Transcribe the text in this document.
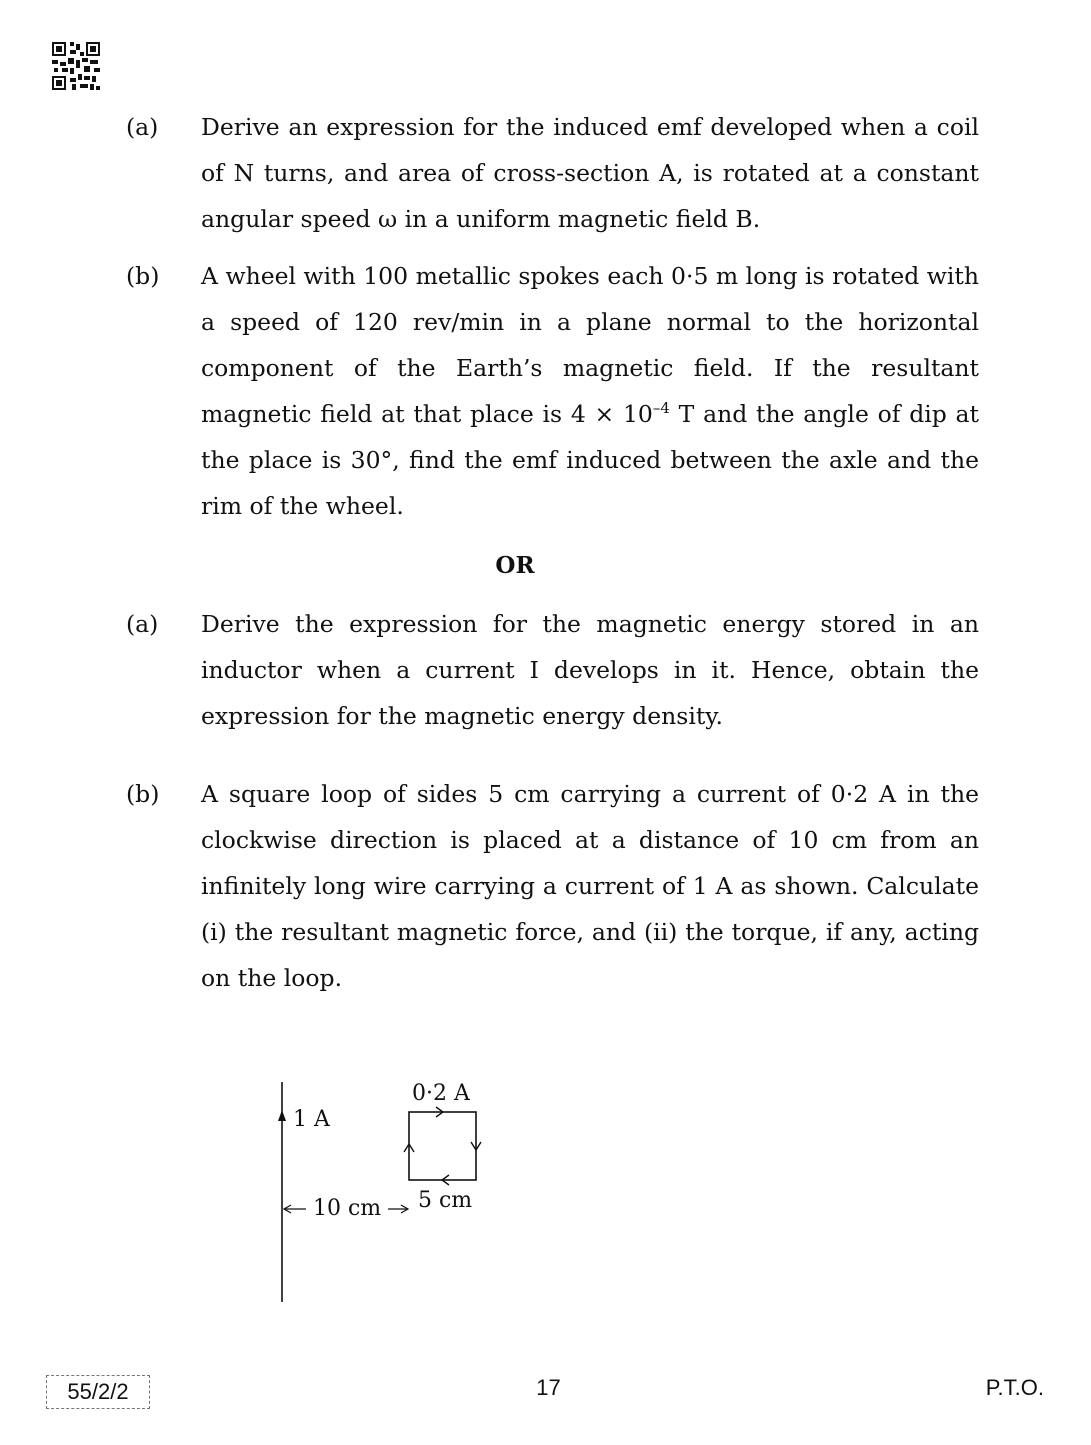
(a) Derive an expression for the induced emf developed when a coil of N turns, and area of cross-section A, is rotated at a constant angular speed ω in a uniform magnetic field B.
(b) A wheel with 100 metallic spokes each 0·5 m long is rotated with a speed of 120 rev/min in a plane normal to the horizontal component of the Earth’s magnetic field. If the resultant magnetic field at that place is $4 \times 10^{-4}$ T and the angle of dip at the place is 30°, find the emf induced between the axle and the rim of the wheel.
OR
(a) Derive the expression for the magnetic energy stored in an inductor when a current I develops in it. Hence, obtain the expression for the magnetic energy density.
(b) A square loop of sides 5 cm carrying a current of 0·2 A in the clockwise direction is placed at a distance of 10 cm from an infinitely long wire carrying a current of 1 A as shown. Calculate (i) the resultant magnetic force, and (ii) the torque, if any, acting on the loop.
1 A
0·2 A
10 cm 5 cm
55/2/2	17	P.T.O.
